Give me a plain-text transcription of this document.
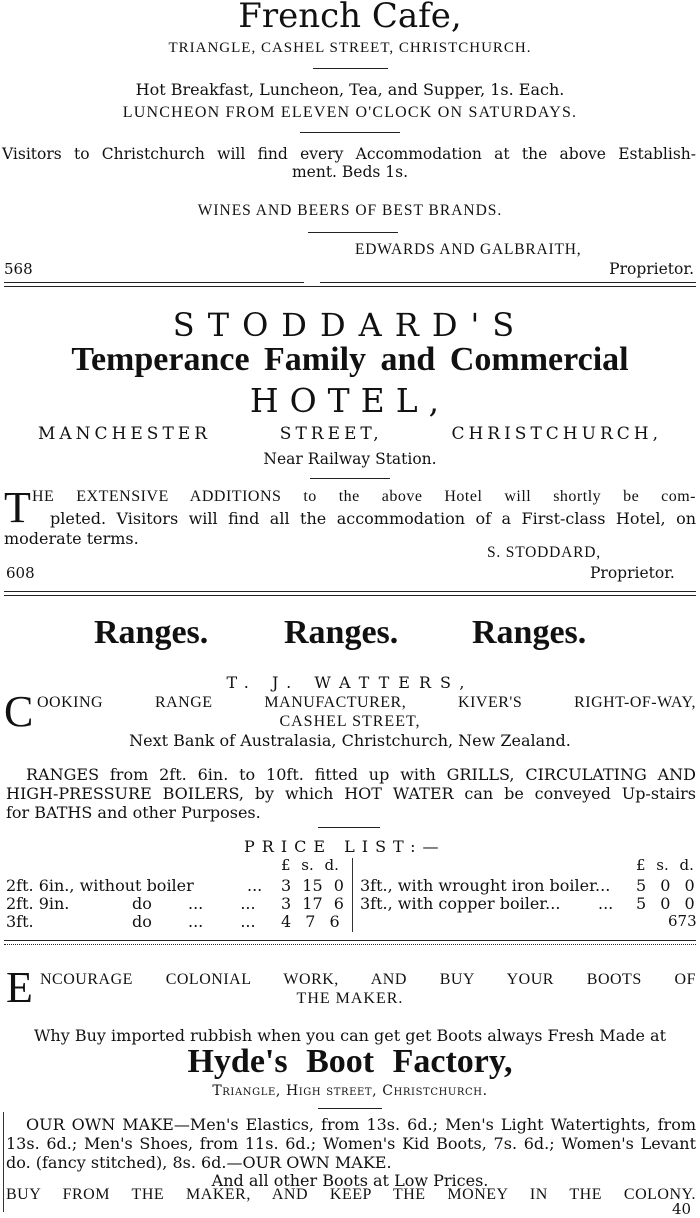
French Cafe,
TRIANGLE, CASHEL STREET, CHRISTCHURCH.
Hot Breakfast, Luncheon, Tea, and Supper, 1s. Each.
LUNCHEON FROM ELEVEN O'CLOCK ON SATURDAYS.
Visitors to Christchurch will find every Accommodation at the above Establish-
ment. Beds 1s.
WINES AND BEERS OF BEST BRANDS.
EDWARDS AND GALBRAITH,
568	Proprietor.
STODDARD'S
Temperance Family and Commercial
HOTEL,
MANCHESTER STREET, CHRISTCHURCH,
Near Railway Station.
T HE EXTENSIVE ADDITIONS to the above Hotel will shortly be com-
pleted. Visitors will find all the accommodation of a First-class Hotel, on
moderate terms.
S. STODDARD,
608	Proprietor.
Ranges. Ranges. Ranges.
T. J. WATTERS,
C OOKING RANGE MANUFACTURER, KIVER'S RIGHT-OF-WAY,
CASHEL STREET,
Next Bank of Australasia, Christchurch, New Zealand.
RANGES from 2ft. 6in. to 10ft. fitted up with GRILLS, CIRCULATING AND
HIGH-PRESSURE BOILERS, by which HOT WATER can be conveyed Up-stairs
for BATHS and other Purposes.
PRICE LIST:—
£ s. d.	£ s. d.
2ft. 6in., without boiler	... 3 15 0
2ft. 9in.	do ... ... 3 17 6
3ft.	do ... ... 4 7 6
3ft., with wrought iron boiler... 5 0 0
3ft., with copper boiler... ... 5 0 0
673
E NCOURAGE COLONIAL WORK, AND BUY YOUR BOOTS OF
THE MAKER.
Why Buy imported rubbish when you can get get Boots always Fresh Made at
Hyde's Boot Factory,
Triangle, High street, Christchurch.
OUR OWN MAKE—Men's Elastics, from 13s. 6d.; Men's Light Watertights, from
13s. 6d.; Men's Shoes, from 11s. 6d.; Women's Kid Boots, 7s. 6d.; Women's Levant
do. (fancy stitched), 8s. 6d.—OUR OWN MAKE.
And all other Boots at Low Prices.
BUY FROM THE MAKER, AND KEEP THE MONEY IN THE COLONY.
40
